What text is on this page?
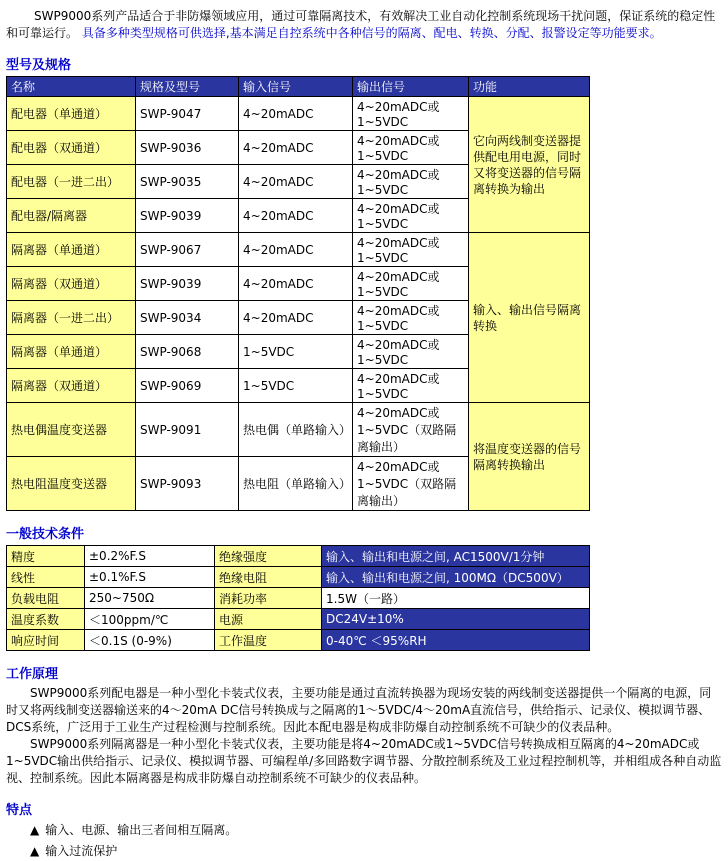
SWP9000系列产品适合于非防爆领域应用，通过可靠隔离技术，有效解决工业自动化控制系统现场干扰问题，保证系统的稳定性和可靠运行。 具备多种类型规格可供选择,基本满足自控系统中各种信号的隔离、配电、转换、分配、报警设定等功能要求。

型号及规格
名称	规格及型号	输入信号	输出信号	功能
配电器（单通道）	SWP-9047	4~20mADC	4~20mADC或1~5VDC	它向两线制变送器提供配电用电源，同时又将变送器的信号隔离转换为输出
配电器（双通道）	SWP-9036	4~20mADC	4~20mADC或1~5VDC	
配电器（一进二出）	SWP-9035	4~20mADC	4~20mADC或1~5VDC	
配电器/隔离器	SWP-9039	4~20mADC	4~20mADC或1~5VDC	
隔离器（单通道）	SWP-9067	4~20mADC	4~20mADC或1~5VDC	输入、输出信号隔离转换
隔离器（双通道）	SWP-9039	4~20mADC	4~20mADC或1~5VDC	
隔离器（一进二出）	SWP-9034	4~20mADC	4~20mADC或1~5VDC	
隔离器（单通道）	SWP-9068	1~5VDC	4~20mADC或1~5VDC	
隔离器（双通道）	SWP-9069	1~5VDC	4~20mADC或1~5VDC	
热电偶温度变送器	SWP-9091	热电偶（单路输入）	4~20mADC或1~5VDC（双路隔离输出）	将温度变送器的信号隔离转换输出
热电阻温度变送器	SWP-9093	热电阻（单路输入）	4~20mADC或1~5VDC（双路隔离输出）	
一般技术条件
精度	±0.2%F.S	绝缘强度	输入、输出和电源之间, AC1500V/1分钟
线性	±0.1%F.S	绝缘电阻	输入、输出和电源之间, 100MΩ（DC500V）
负载电阻	250~750Ω	消耗功率	1.5W（一路）
温度系数	＜100ppm/℃	电源	DC24V±10%
响应时间	＜0.1S (0-9%)	工作温度	0-40℃ ＜95%RH
工作原理

SWP9000系列配电器是一种小型化卡装式仪表，主要功能是通过直流转换器为现场安装的两线制变送器提供一个隔离的电源，同时又将两线制变送器输送来的4～20mA DC信号转换成与之隔离的1～5VDC/4～20mA直流信号，供给指示、记录仪、模拟调节器、DCS系统，广泛用于工业生产过程检测与控制系统。因此本配电器是构成非防爆自动控制系统不可缺少的仪表品种。

SWP9000系列隔离器是一种小型化卡装式仪表，主要功能是将4~20mADC或1~5VDC信号转换成相互隔离的4~20mADC或1~5VDC输出供给指示、记录仪、模拟调节器、可编程单/多回路数字调节器、分散控制系统及工业过程控制机等，并相组成各种自动监视、控制系统。因此本隔离器是构成非防爆自动控制系统不可缺少的仪表品种。

特点
▲ 输入、电源、输出三者间相互隔离。
▲ 输入过流保护
